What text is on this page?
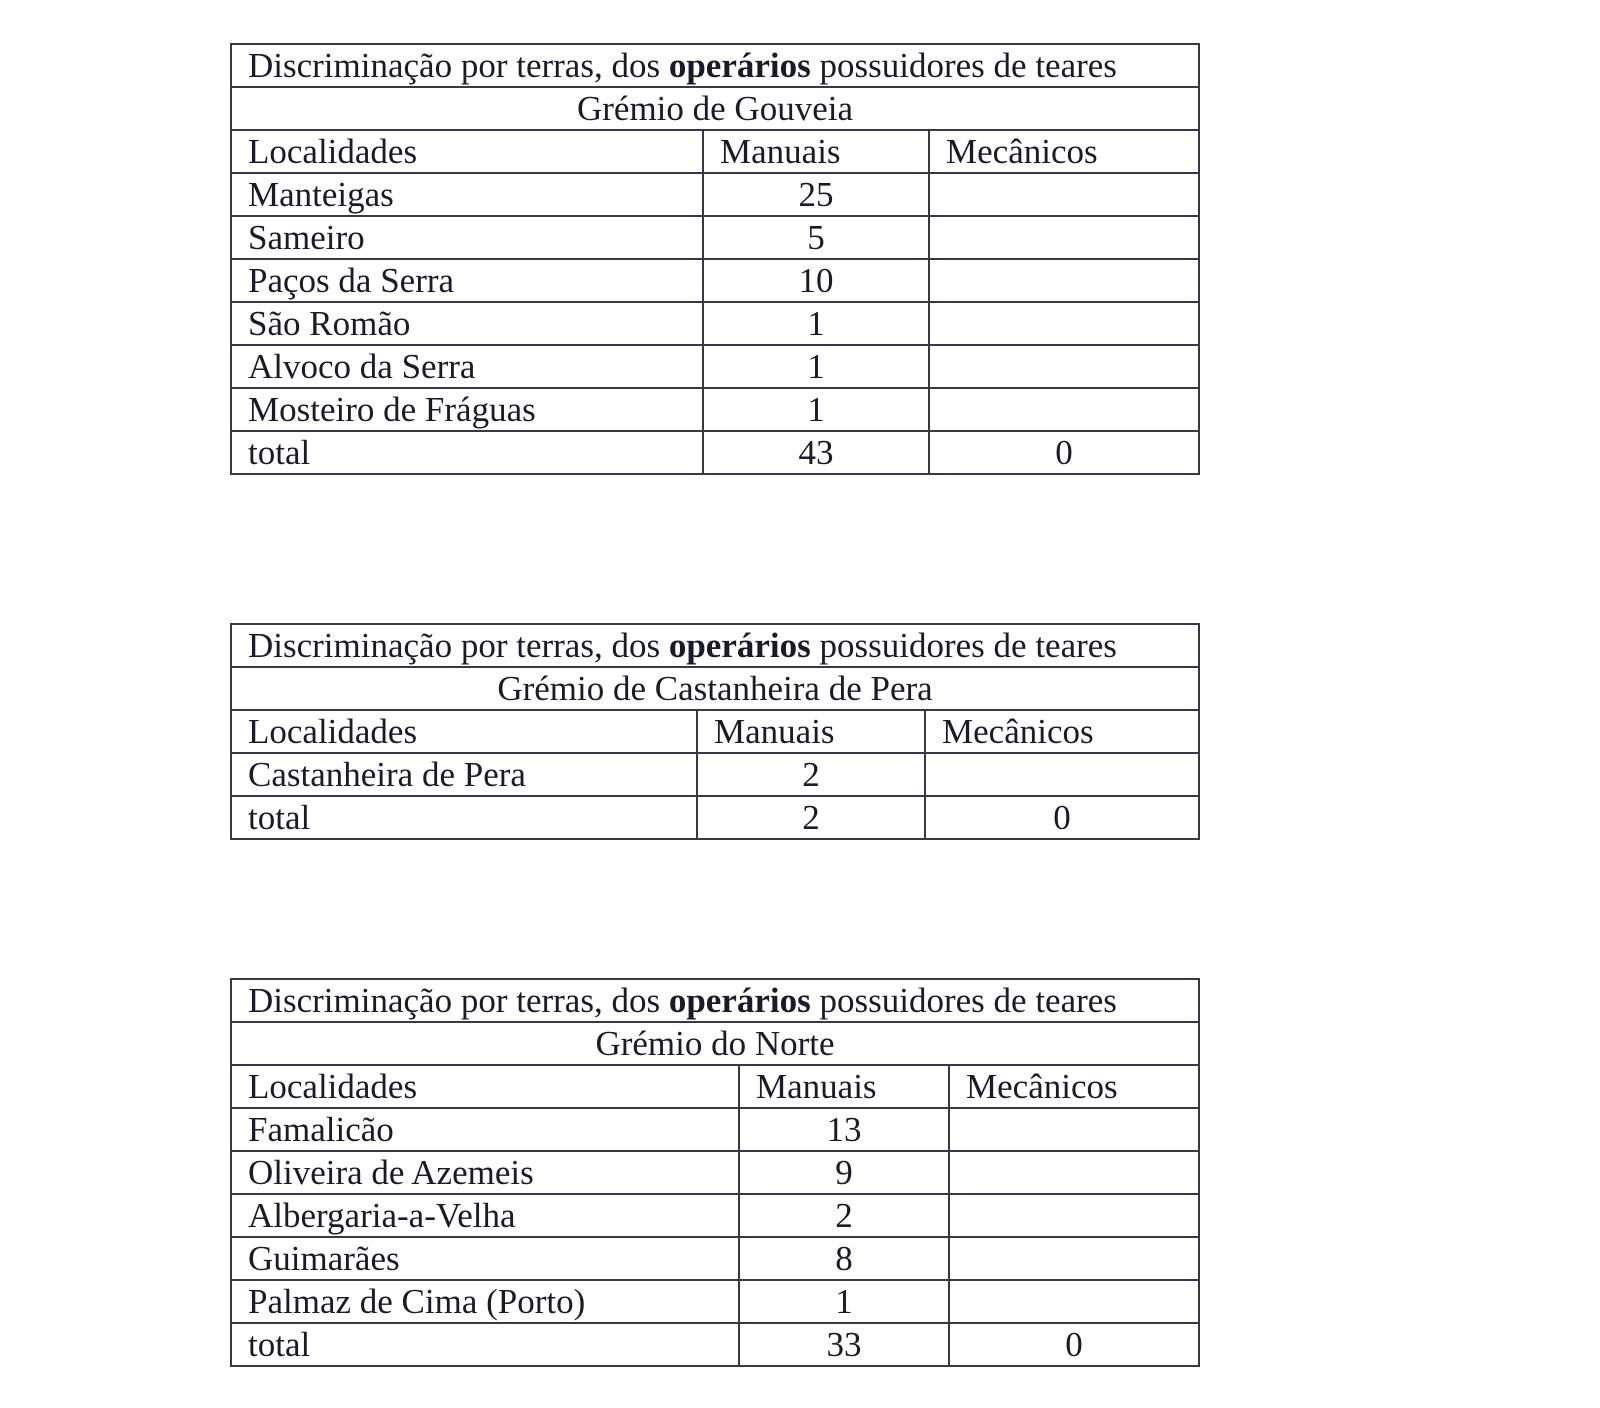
Discriminação por terras, dos operários possuidores de teares		
Grémio de Gouveia		
Localidades	Manuais	Mecânicos
Manteigas	25	
Sameiro	5	
Paços da Serra	10	
São Romão	1	
Alvoco da Serra	1	
Mosteiro de Fráguas	1	
total	43	0
Discriminação por terras, dos operários possuidores de teares		
Grémio de Castanheira de Pera		
Localidades	Manuais	Mecânicos
Castanheira de Pera	2	
total	2	0
Discriminação por terras, dos operários possuidores de teares		
Grémio do Norte		
Localidades	Manuais	Mecânicos
Famalicão	13	
Oliveira de Azemeis	9	
Albergaria-a-Velha	2	
Guimarães	8	
Palmaz de Cima (Porto)	1	
total	33	0
